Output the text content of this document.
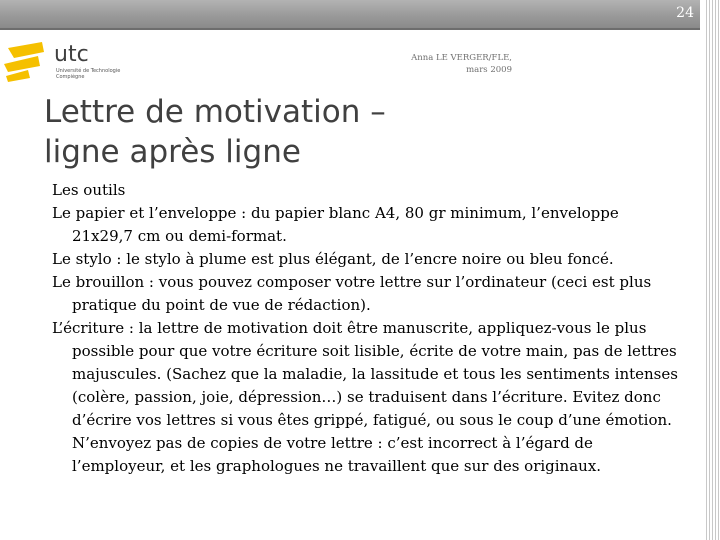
24
utc
Université de Technologie Compiègne
Anna LE VERGER/FLE,
mars 2009
Lettre de motivation –
ligne après ligne

Les outils

Le papier et l’enveloppe : du papier blanc A4, 80 gr minimum, l’enveloppe 21x29,7 cm ou demi-format.

Le stylo : le stylo à plume est plus élégant, de l’encre noire ou bleu foncé.

Le brouillon : vous pouvez composer votre lettre sur l’ordinateur (ceci est plus pratique du point de vue de rédaction).

L’écriture : la lettre de motivation doit être manuscrite, appliquez-vous le plus possible pour que votre écriture soit lisible, écrite de votre main, pas de lettres majuscules. (Sachez que la maladie, la lassitude et tous les sentiments intenses (colère, passion, joie, dépression…) se traduisent dans l’écriture. Evitez donc d’écrire vos lettres si vous êtes grippé, fatigué, ou sous le coup d’une émotion. N’envoyez pas de copies de votre lettre : c’est incorrect à l’égard de l’employeur, et les graphologues ne travaillent que sur des originaux.
